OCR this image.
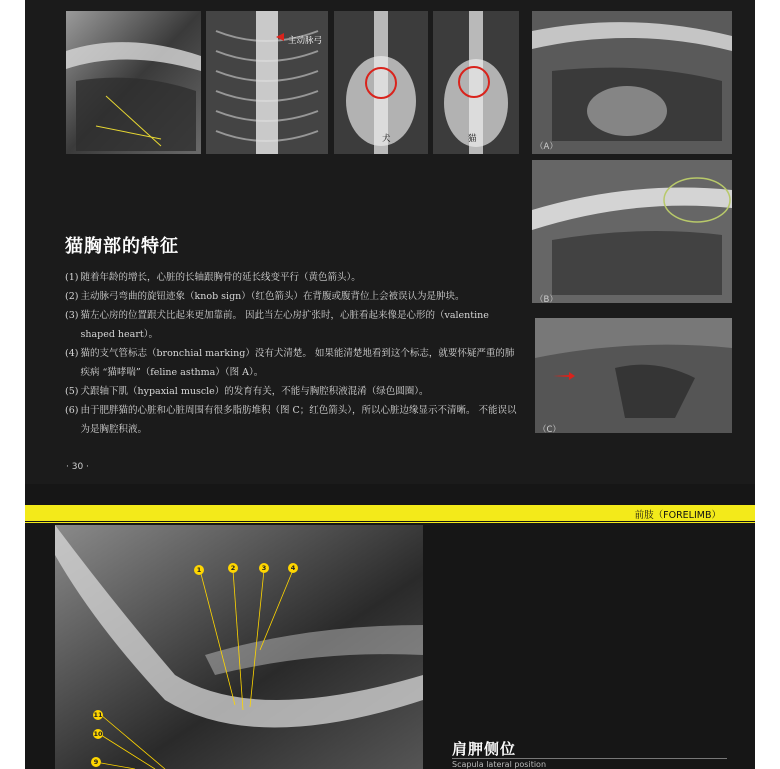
主动脉弓
犬	猫
（A）
（B）
（C）
猫胸部的特征
(1) 随着年龄的增长，心脏的长轴跟胸骨的延长线变平行（黄色箭头）。
(2) 主动脉弓弯曲的旋钮迹象（knob sign）（红色箭头）在背腹或腹背位上会被误认为是肿块。
(3) 猫左心房的位置跟犬比起来更加靠前。 因此当左心房扩张时，心脏看起来像是心形的（valentine shaped heart）。
(4) 猫的支气管标志（bronchial marking）没有犬清楚。 如果能清楚地看到这个标志，就要怀疑严重的肺疾病 “猫哮喘”（feline asthma）（图 A）。
(5) 犬跟轴下肌（hypaxial muscle）的发育有关，不能与胸腔积液混淆（绿色圆圈）。
(6) 由于肥胖猫的心脏和心脏周围有很多脂肪堆积（图 C；红色箭头），所以心脏边缘显示不清晰。 不能误以为是胸腔积液。
· 30 ·
前肢（FORELIMB）
1	2	3	4
11
10
9
肩胛侧位
Scapula lateral position
